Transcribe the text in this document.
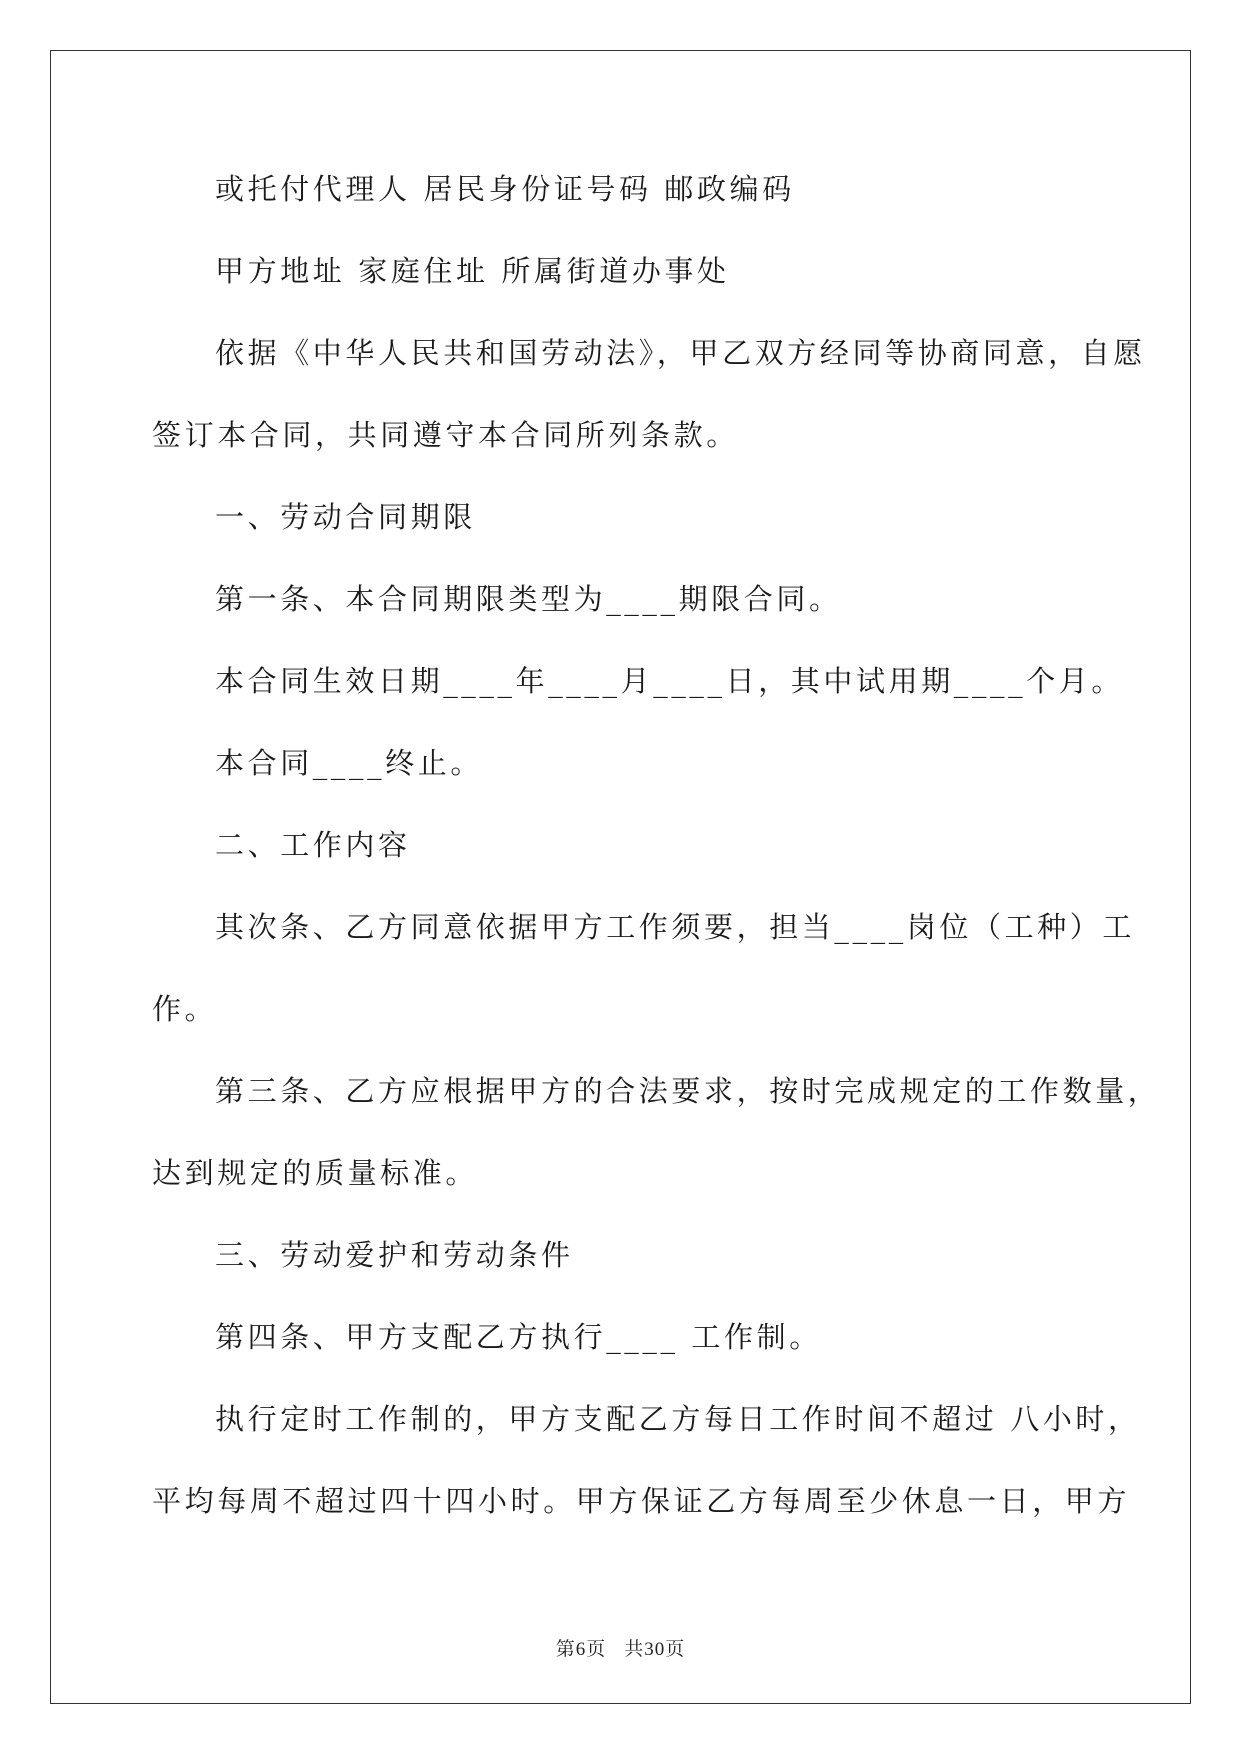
或托付代理人 居民身份证号码 邮政编码
甲方地址 家庭住址 所属街道办事处
依据《中华人民共和国劳动法》，甲乙双方经同等协商同意，自愿
签订本合同，共同遵守本合同所列条款。
一、劳动合同期限
第一条、本合同期限类型为____期限合同。
本合同生效日期____年____月____日，其中试用期____个月。
本合同____终止。
二、工作内容
其次条、乙方同意依据甲方工作须要，担当____岗位（工种）工
作。
第三条、乙方应根据甲方的合法要求，按时完成规定的工作数量，
达到规定的质量标准。
三、劳动爱护和劳动条件
第四条、甲方支配乙方执行____ 工作制。
执行定时工作制的，甲方支配乙方每日工作时间不超过 八小时，
平均每周不超过四十四小时。甲方保证乙方每周至少休息一日，甲方
第6页 共30页
